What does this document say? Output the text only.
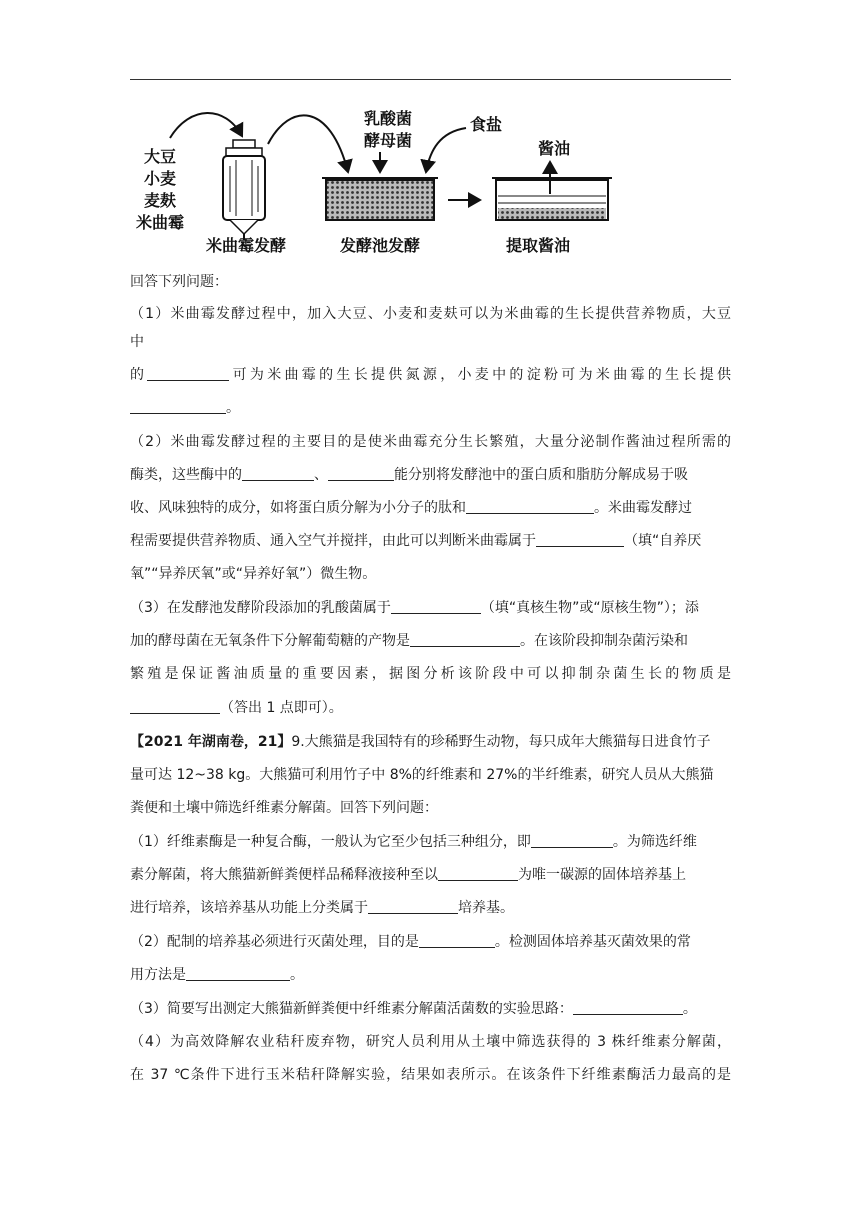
大豆
小麦
麦麸
米曲霉
米曲霉发酵
乳酸菌
酵母菌
食盐
发酵池发酵
酱油
提取酱油
回答下列问题：
（1）米曲霉发酵过程中，加入大豆、小麦和麦麸可以为米曲霉的生长提供营养物质，大豆
中
的	可为米曲霉的生长提供氮源，小麦中的淀粉可为米曲霉的生长提供
。
（2）米曲霉发酵过程的主要目的是使米曲霉充分生长繁殖，大量分泌制作酱油过程所需的
酶类，这些酶中的	、	能分别将发酵池中的蛋白质和脂肪分解成易于吸
收、风味独特的成分，如将蛋白质分解为小分子的肽和	。米曲霉发酵过
程需要提供营养物质、通入空气并搅拌，由此可以判断米曲霉属于	（填“自养厌
氧”“异养厌氧”或“异养好氧”）微生物。
（3）在发酵池发酵阶段添加的乳酸菌属于	（填“真核生物”或“原核生物”）；添
加的酵母菌在无氧条件下分解葡萄糖的产物是	。在该阶段抑制杂菌污染和
繁殖是保证酱油质量的重要因素，据图分析该阶段中可以抑制杂菌生长的物质是
（答出 1 点即可）。
【2021 年湖南卷，21】9.大熊猫是我国特有的珍稀野生动物，每只成年大熊猫每日进食竹子
量可达 12~38 kg。大熊猫可利用竹子中 8%的纤维素和 27%的半纤维素，研究人员从大熊猫
粪便和土壤中筛选纤维素分解菌。回答下列问题：
（1）纤维素酶是一种复合酶，一般认为它至少包括三种组分，即	。为筛选纤维
素分解菌，将大熊猫新鲜粪便样品稀释液接种至以	为唯一碳源的固体培养基上
进行培养，该培养基从功能上分类属于	培养基。
（2）配制的培养基必须进行灭菌处理，目的是	。检测固体培养基灭菌效果的常
用方法是	。
（3）简要写出测定大熊猫新鲜粪便中纤维素分解菌活菌数的实验思路：	。
（4）为高效降解农业秸秆废弃物，研究人员利用从土壤中筛选获得的 3 株纤维素分解菌，
在 37 ℃条件下进行玉米秸秆降解实验，结果如表所示。在该条件下纤维素酶活力最高的是
